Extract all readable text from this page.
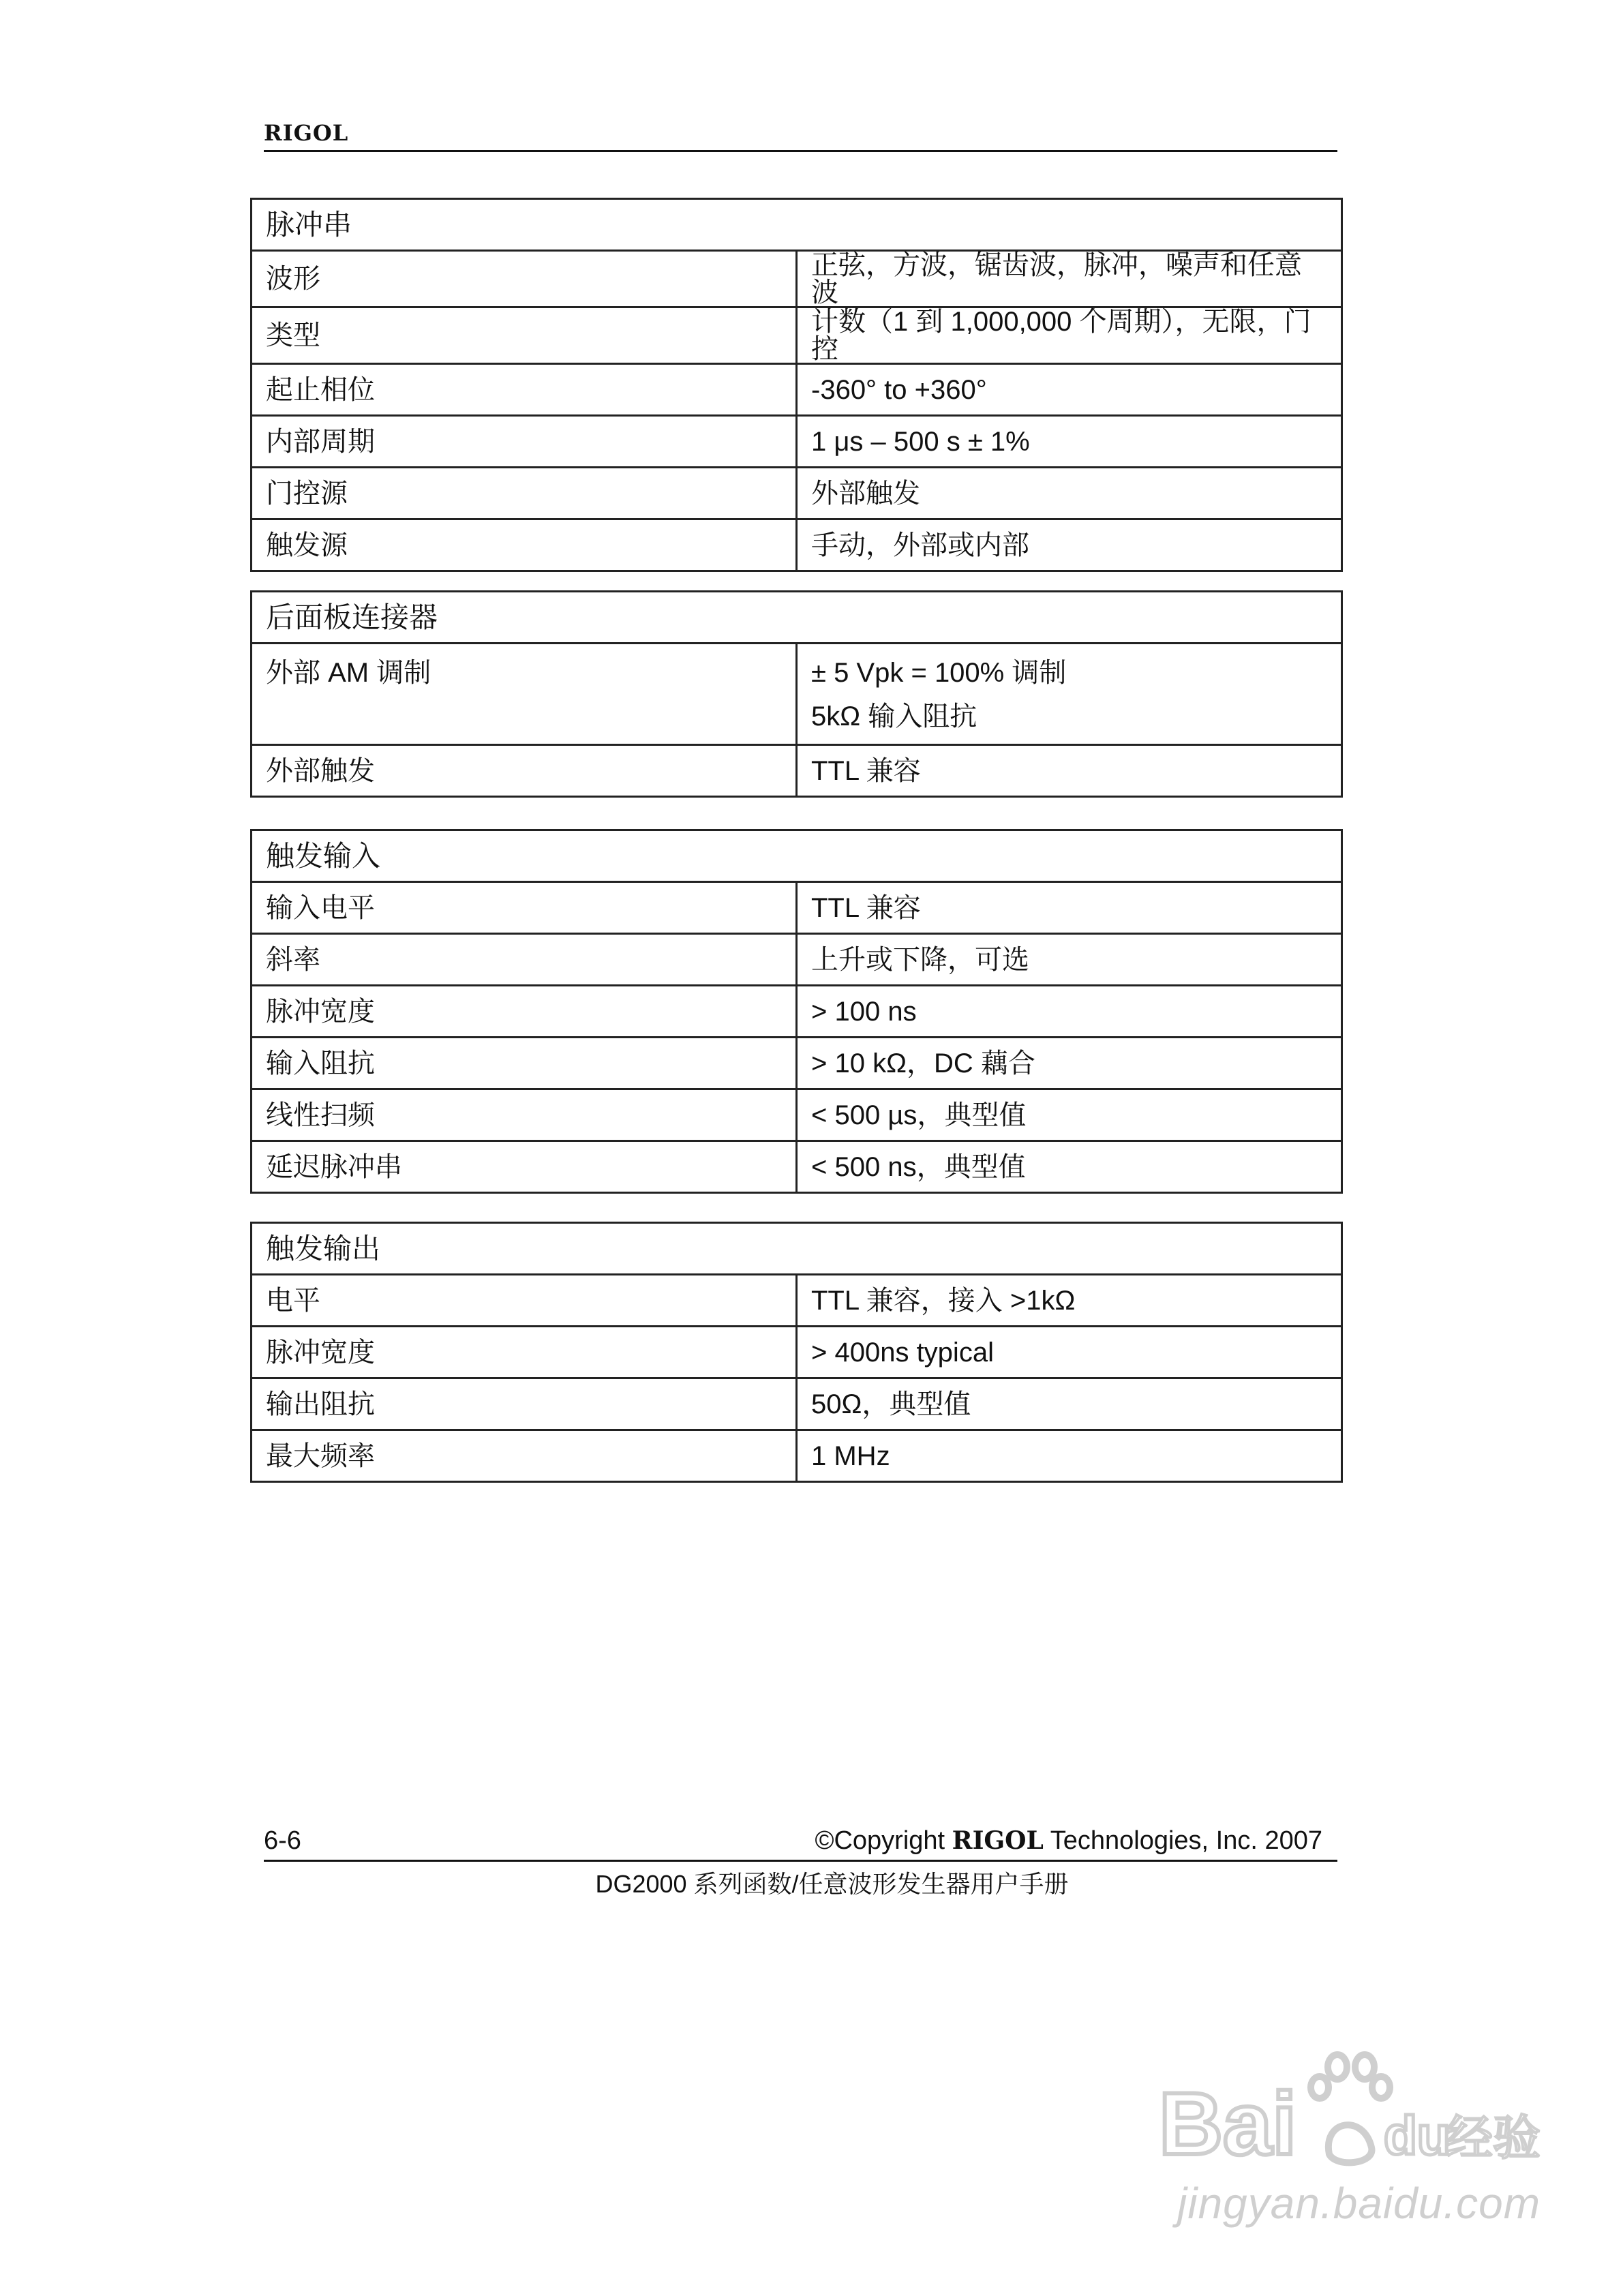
RIGOL
脉冲串	
波形	正弦，方波，锯齿波，脉冲，噪声和任意波
类型	计数（1 到 1,000,000 个周期），无限，门控
起止相位	-360° to +360°
内部周期	1 μs – 500 s ± 1%
门控源	外部触发
触发源	手动，外部或内部
后面板连接器	

外部 AM 调制	± 5 Vpk = 100% 调制
5kΩ 输入阻抗

外部触发	TTL 兼容
触发输入	
输入电平	TTL 兼容
斜率	上升或下降，可选
脉冲宽度	> 100 ns
输入阻抗	> 10 kΩ，DC 藕合
线性扫频	< 500 µs，典型值
延迟脉冲串	< 500 ns，典型值
触发输出	
电平	TTL 兼容，接入 >1kΩ
脉冲宽度	> 400ns typical
输出阻抗	50Ω，典型值
最大频率	1 MHz
6-6	©Copyright RIGOL Technologies, Inc. 2007
DG2000 系列函数/任意波形发生器用户手册
Bai du
经验
jingyan.baidu.com
